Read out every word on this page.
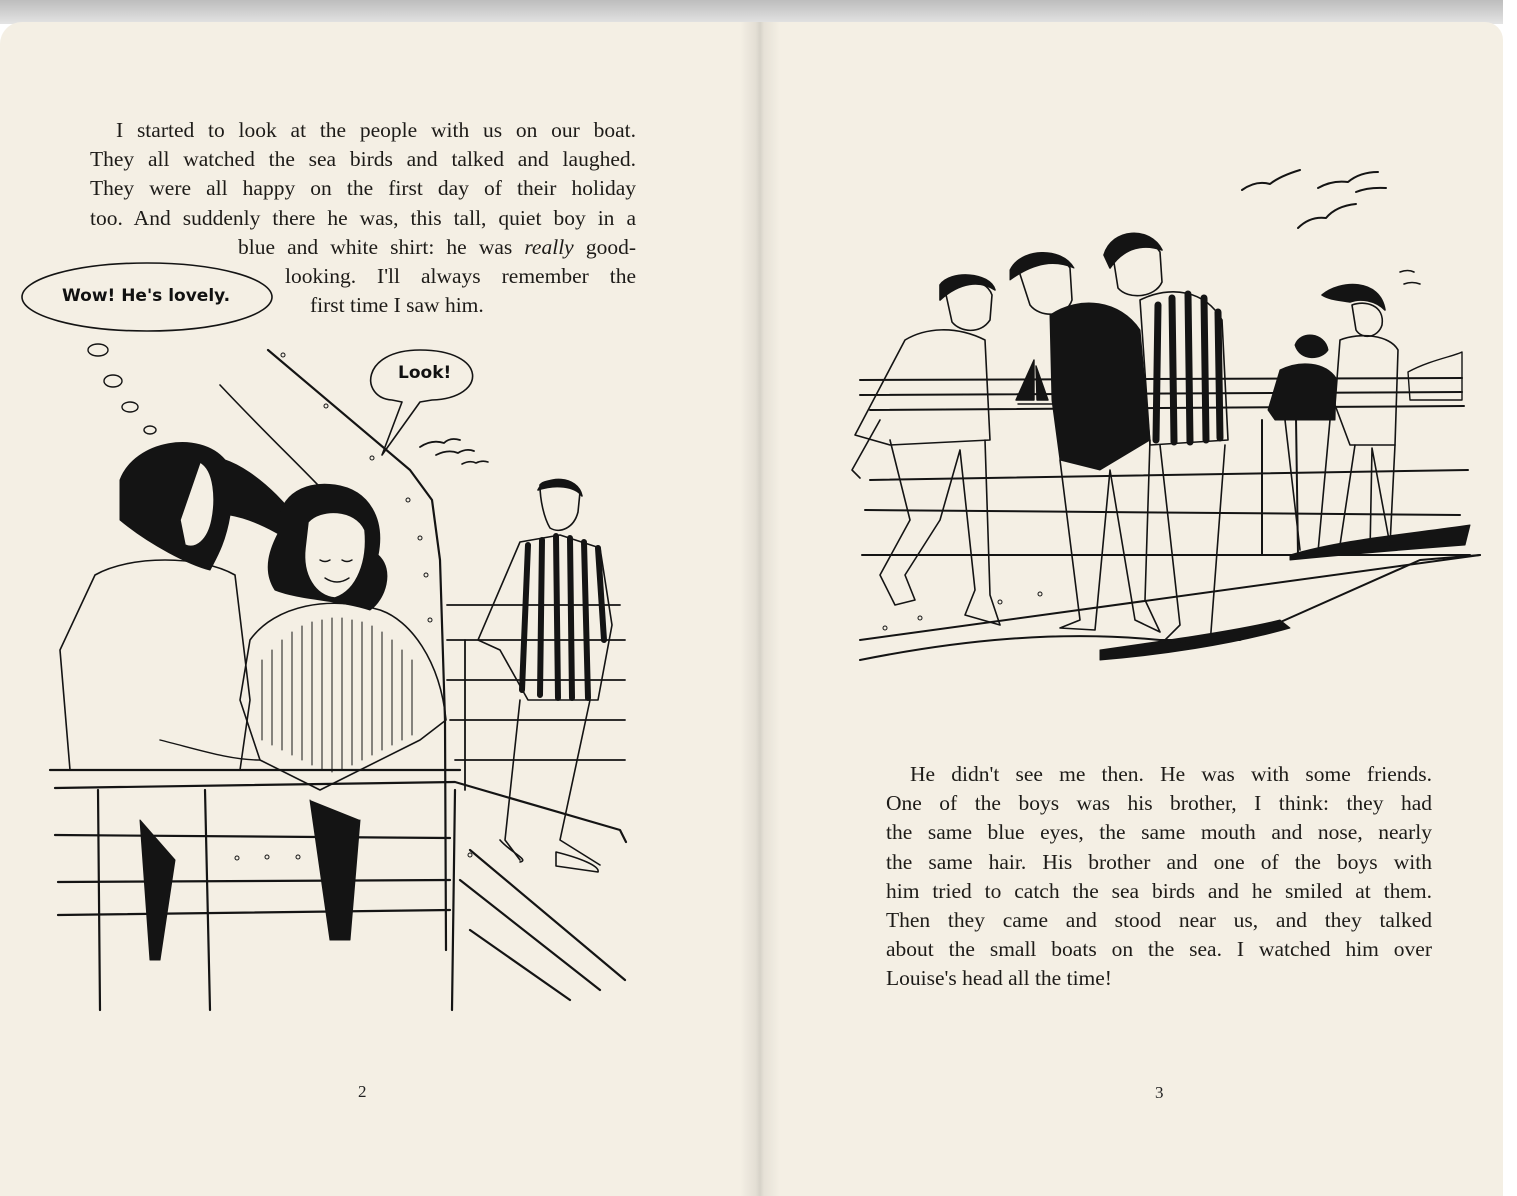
I started to look at the people with us on our boat.
They all watched the sea birds and talked and laughed.
They were all happy on the first day of their holiday
too. And suddenly there he was, this tall, quiet boy in a
blue and white shirt: he was really good-
looking. I'll always remember the
first time I saw him.
2
He didn't see me then. He was with some friends.
One of the boys was his brother, I think: they had
the same blue eyes, the same mouth and nose, nearly
the same hair. His brother and one of the boys with
him tried to catch the sea birds and he smiled at them.
Then they came and stood near us, and they talked
about the small boats on the sea. I watched him over
Louise's head all the time!
3
Wow! He's lovely.
Look!
